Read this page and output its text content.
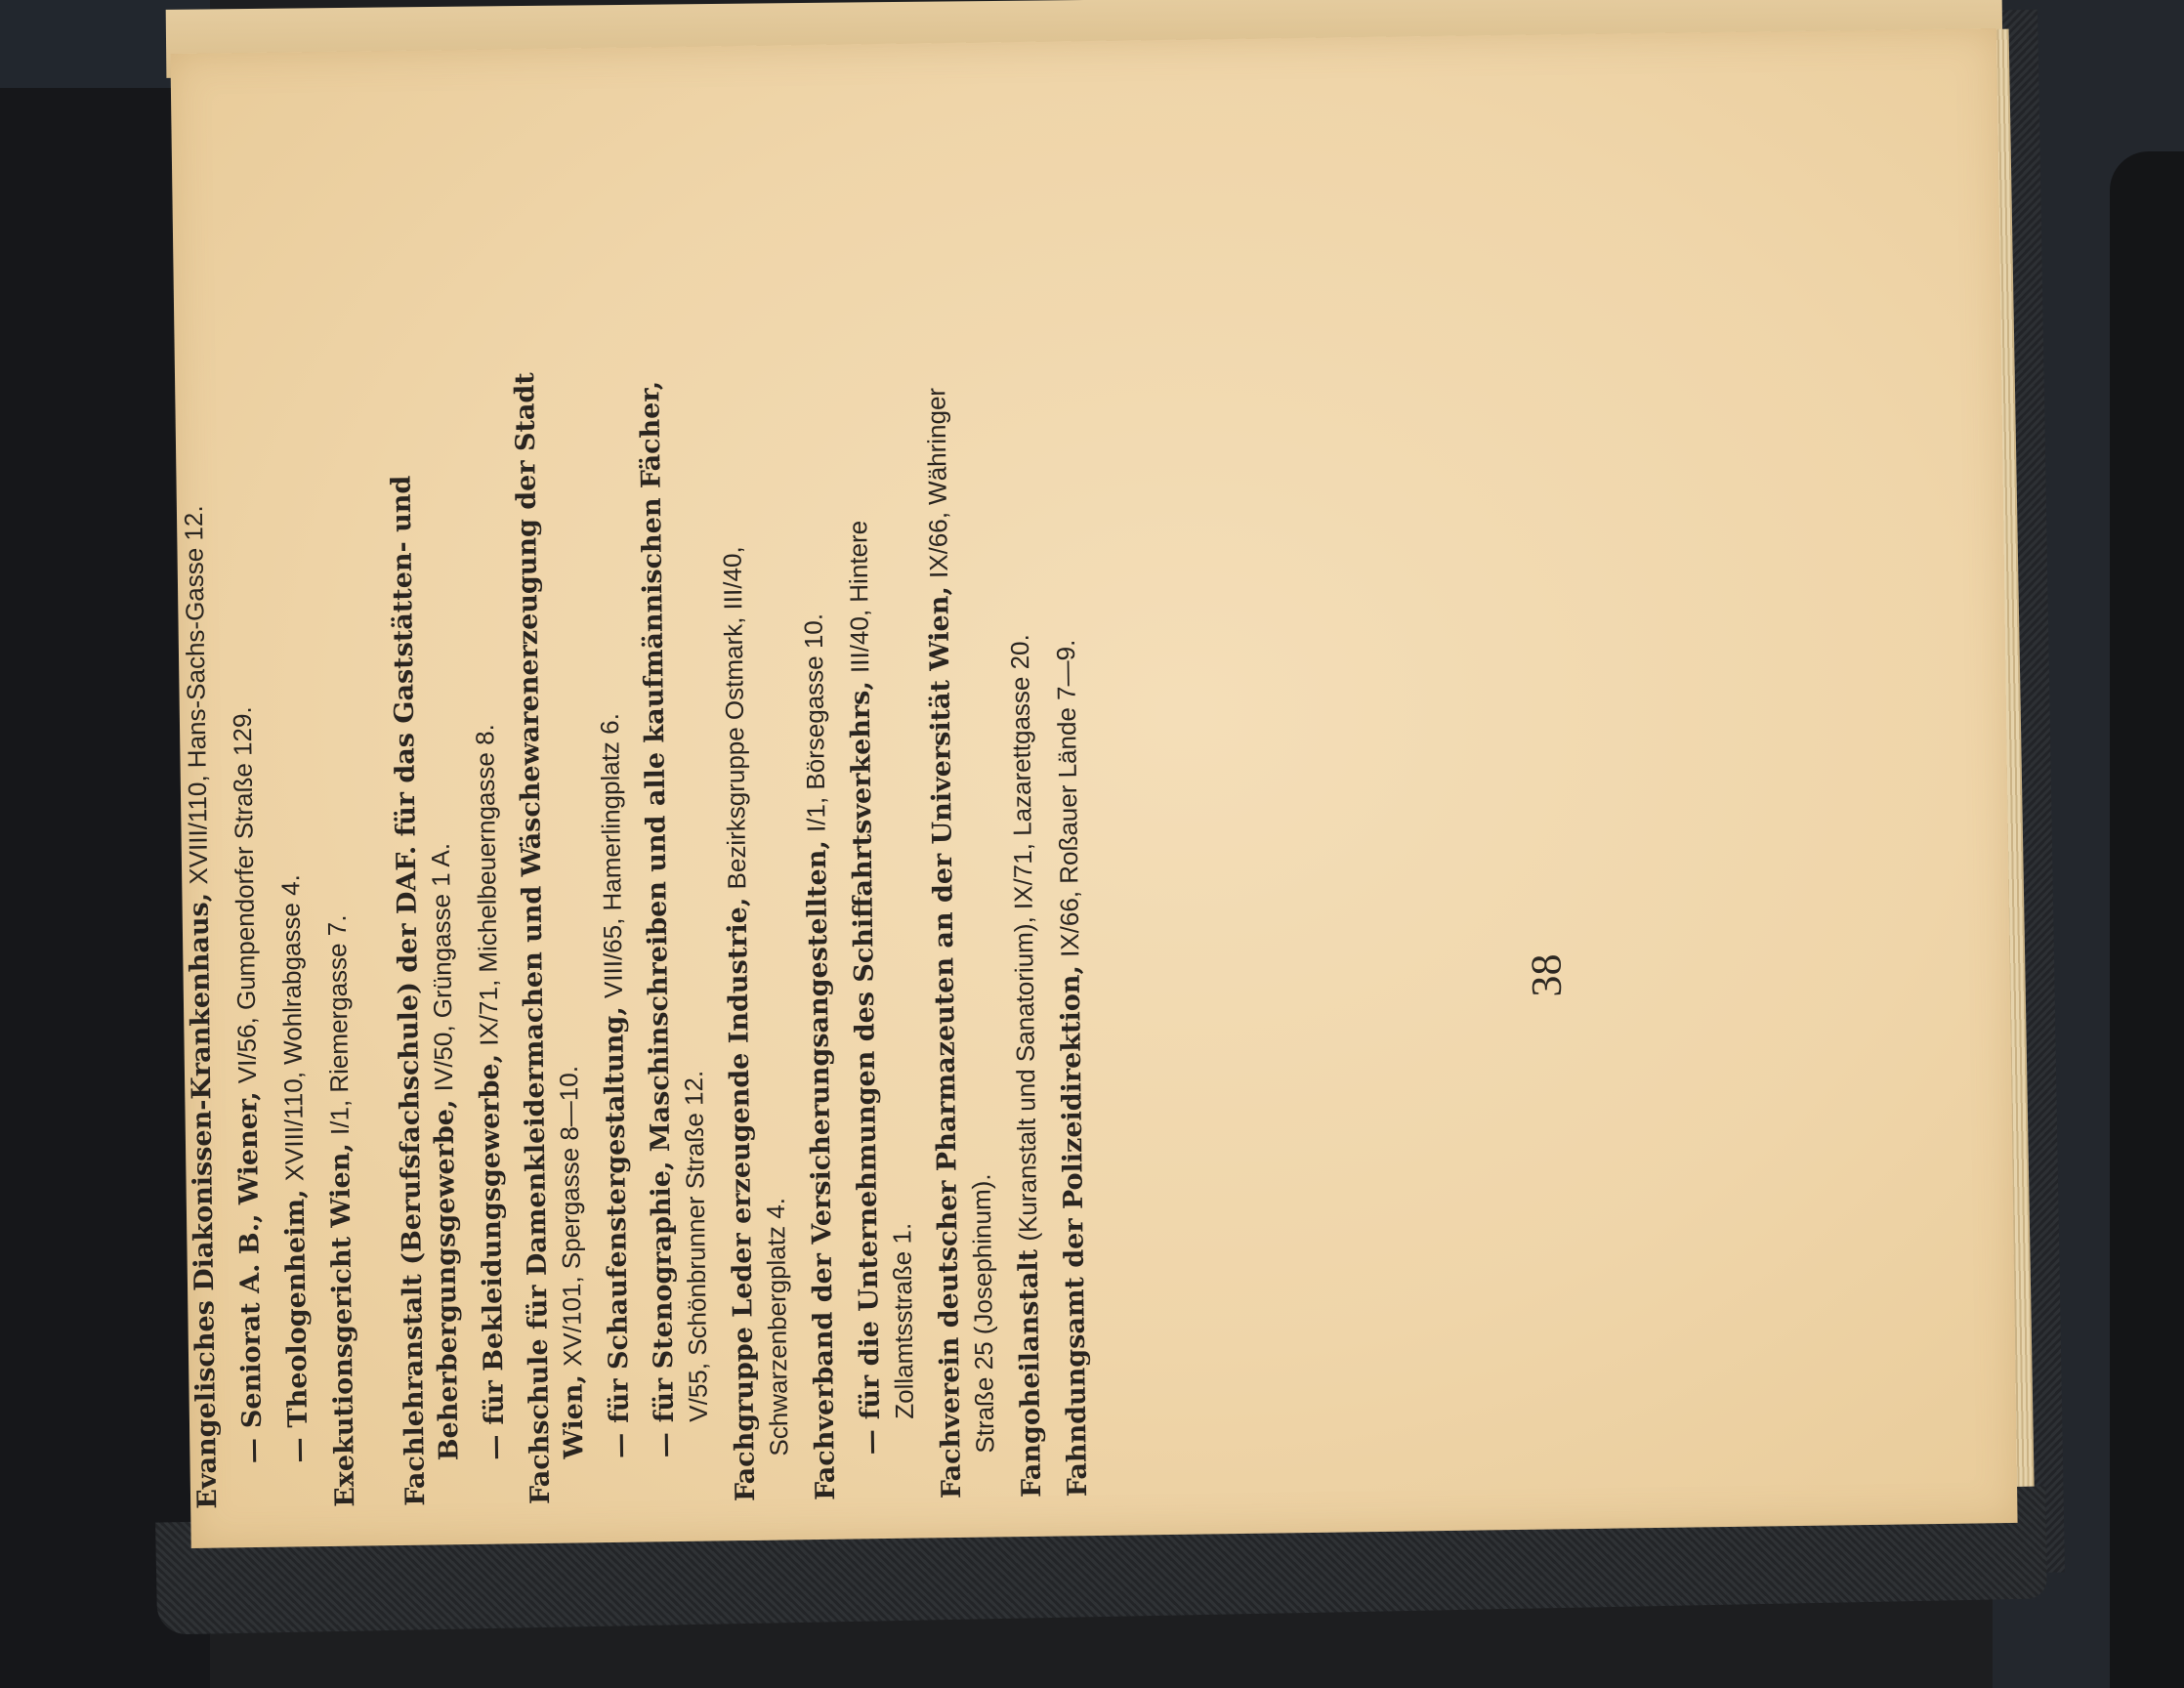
Evangelisches Diakonissen-Krankenhaus, XVIII/110, Hans-Sachs-Gasse 12.
—Seniorat A. B., Wiener, VI/56, Gumpendorfer Straße 129.
—Theologenheim, XVIII/110, Wohlrabgasse 4.
Exekutionsgericht Wien, I/1, Riemergasse 7.	Fachlehranstalt (Berufsfachschule) der DAF. für das Gaststätten- und Beherbergungsgewerbe, IV/50, Grüngasse 1 A.
—für Bekleidungsgewerbe, IX/71, Michelbeuerngasse 8. Fachschule für Damenkleidermachen und Wäschewarenerzeugung der Stadt Wien, XV/101, Spergasse 8—10.
—für Schaufenstergestaltung, VIII/65, Hamerlingplatz 6.
—für Stenographie, Maschinschreiben und alle kaufmännischen Fächer, V/55, Schönbrunner Straße 12. Fachgruppe Leder erzeugende Industrie, Bezirksgruppe Ostmark, III/40, Schwarzenbergplatz 4. Fachverband der Versicherungsangestellten, I/1, Börsegasse 10.
—für die Unternehmungen des Schiffahrtsverkehrs, III/40, Hintere Zollamtsstraße 1. Fachverein deutscher Pharmazeuten an der Universität Wien, IX/66, Währinger Straße 25 (Josephinum). Fangoheilanstalt (Kuranstalt und Sanatorium), IX/71, Lazarettgasse 20. Fahndungsamt der Polizeidirektion, IX/66, Roßauer Lände 7—9.
38
